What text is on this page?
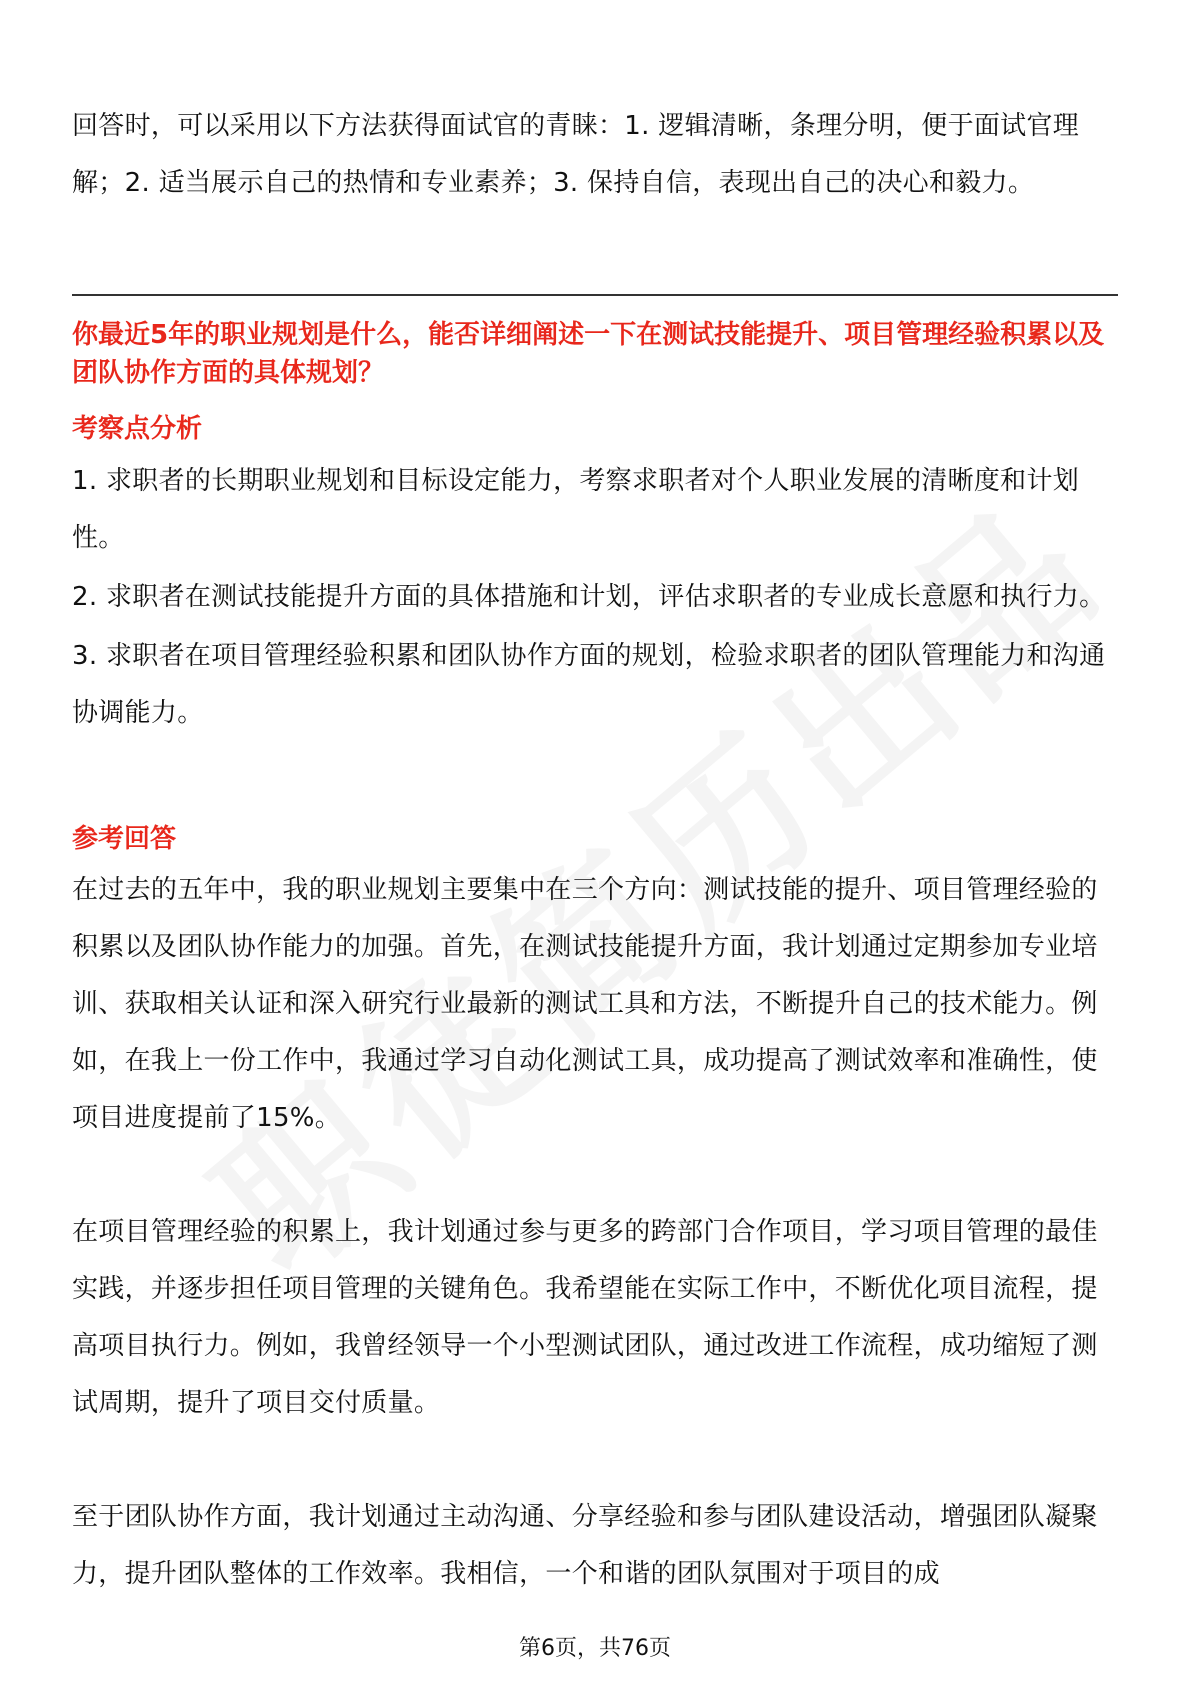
回答时，可以采用以下方法获得面试官的青睐：1. 逻辑清晰，条理分明，便于面试官理解；2. 适当展示自己的热情和专业素养；3. 保持自信，表现出自己的决心和毅力。

你最近5年的职业规划是什么，能否详细阐述一下在测试技能提升、项目管理经验积累以及团队协作方面的具体规划？
考察点分析

1. 求职者的长期职业规划和目标设定能力，考察求职者对个人职业发展的清晰度和计划性。

2. 求职者在测试技能提升方面的具体措施和计划，评估求职者的专业成长意愿和执行力。

3. 求职者在项目管理经验积累和团队协作方面的规划，检验求职者的团队管理能力和沟通协调能力。

参考回答

在过去的五年中，我的职业规划主要集中在三个方向：测试技能的提升、项目管理经验的积累以及团队协作能力的加强。首先，在测试技能提升方面，我计划通过定期参加专业培训、获取相关认证和深入研究行业最新的测试工具和方法，不断提升自己的技术能力。例如，在我上一份工作中，我通过学习自动化测试工具，成功提高了测试效率和准确性，使项目进度提前了15%。

在项目管理经验的积累上，我计划通过参与更多的跨部门合作项目，学习项目管理的最佳实践，并逐步担任项目管理的关键角色。我希望能在实际工作中，不断优化项目流程，提高项目执行力。例如，我曾经领导一个小型测试团队，通过改进工作流程，成功缩短了测试周期，提升了项目交付质量。

至于团队协作方面，我计划通过主动沟通、分享经验和参与团队建设活动，增强团队凝聚力，提升团队整体的工作效率。我相信，一个和谐的团队氛围对于项目的成

第6页，共76页
